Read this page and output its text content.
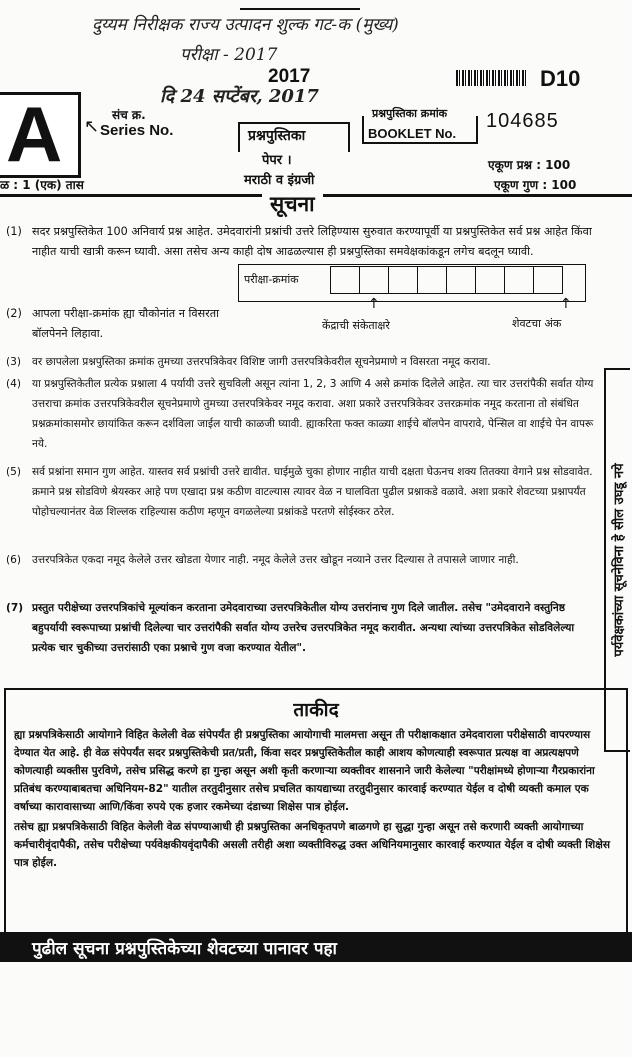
दुय्यम निरीक्षक राज्य उत्पादन शुल्क गट-क (मुख्य)
परीक्षा - 2017
2017
दि 24 सप्टेंबर, 2017
D10
A ↖
संच क्र.
Series No.	प्रश्नपुस्तिका
पेपर ।
मराठी व इंग्रजी
प्रश्नपुस्तिका क्रमांक
BOOKLET No.
104685
एकूण प्रश्न : 100
एकूण गुण : 100
ळ : 1 (एक) तास
सूचना
(1) सदर प्रश्नपुस्तिकेत 100 अनिवार्य प्रश्न आहेत. उमेदवारांनी प्रश्नांची उत्तरे लिहिण्यास सुरुवात करण्यापूर्वी या प्रश्नपुस्तिकेत सर्व प्रश्न आहेत किंवा नाहीत याची खात्री करून घ्यावी. असा तसेच अन्य काही दोष आढळल्यास ही प्रश्नपुस्तिका समवेक्षकांकडून लगेच बदलून घ्यावी.
परीक्षा-क्रमांक
केंद्राची संकेताक्षरे
↑
शेवटचा अंक
↑
(2) आपला परीक्षा-क्रमांक ह्या चौकोनांत न विसरता बॉलपेनने लिहावा.
(3)	वर छापलेला प्रश्नपुस्तिका क्रमांक तुमच्या उत्तरपत्रिकेवर विशिष्ट जागी उत्तरपत्रिकेवरील सूचनेप्रमाणे न विसरता नमूद करावा.
(4)	या प्रश्नपुस्तिकेतील प्रत्येक प्रश्नाला 4 पर्यायी उत्तरे सुचविली असून त्यांना 1, 2, 3 आणि 4 असे क्रमांक दिलेले आहेत. त्या चार उत्तरांपैकी सर्वात योग्य उत्तराचा क्रमांक उत्तरपत्रिकेवरील सूचनेप्रमाणे तुमच्या उत्तरपत्रिकेवर नमूद करावा. अशा प्रकारे उत्तरपत्रिकेवर उत्तरक्रमांक नमूद करताना तो संबंधित प्रश्नक्रमांकासमोर छायांकित करून दर्शविला जाईल याची काळजी घ्यावी. ह्याकरिता फक्त काळ्या शाईचे बॉलपेन वापरावे, पेन्सिल वा शाईचे पेन वापरू नये.
(5)	सर्व प्रश्नांना समान गुण आहेत. यास्तव सर्व प्रश्नांची उत्तरे द्यावीत. घाईमुळे चुका होणार नाहीत याची दक्षता घेऊनच शक्य तितक्या वेगाने प्रश्न सोडवावेत. क्रमाने प्रश्न सोडविणे श्रेयस्कर आहे पण एखादा प्रश्न कठीण वाटल्यास त्यावर वेळ न घालविता पुढील प्रश्नाकडे वळावे. अशा प्रकारे शेवटच्या प्रश्नापर्यंत पोहोचल्यानंतर वेळ शिल्लक राहिल्यास कठीण म्हणून वगळलेल्या प्रश्नांकडे परतणे सोईस्कर ठरेल.
(6)	उत्तरपत्रिकेत एकदा नमूद केलेले उत्तर खोडता येणार नाही. नमूद केलेले उत्तर खोडून नव्याने उत्तर दिल्यास ते तपासले जाणार नाही.
(7) प्रस्तुत परीक्षेच्या उत्तरपत्रिकांचे मूल्यांकन करताना उमेदवाराच्या उत्तरपत्रिकेतील योग्य उत्तरांनाच गुण दिले जातील. तसेच "उमेदवाराने वस्तुनिष्ठ बहुपर्यायी स्वरूपाच्या प्रश्नांची दिलेल्या चार उत्तरांपैकी सर्वात योग्य उत्तरेच उत्तरपत्रिकेत नमूद करावीत. अन्यथा त्यांच्या उत्तरपत्रिकेत सोडविलेल्या प्रत्येक चार चुकीच्या उत्तरांसाठी एका प्रश्नाचे गुण वजा करण्यात येतील".	पर्यवेक्षकांच्या सूचनेविना हे सील उघडू नये
ताकीद

ह्या प्रश्नपत्रिकेसाठी आयोगाने विहित केलेली वेळ संपेपर्यंत ही प्रश्नपुस्तिका आयोगाची मालमत्ता असून ती परीक्षाकक्षात उमेदवाराला परीक्षेसाठी वापरण्यास देण्यात येत आहे. ही वेळ संपेपर्यंत सदर प्रश्नपुस्तिकेची प्रत/प्रती, किंवा सदर प्रश्नपुस्तिकेतील काही आशय कोणत्याही स्वरूपात प्रत्यक्ष वा अप्रत्यक्षपणे कोणत्याही व्यक्तीस पुरविणे, तसेच प्रसिद्ध करणे हा गुन्हा असून अशी कृती करणाऱ्या व्यक्तीवर शासनाने जारी केलेल्या "परीक्षांमध्ये होणाऱ्या गैरप्रकारांना प्रतिबंध करण्याबाबतचा अधिनियम-82" यातील तरतुदीनुसार तसेच प्रचलित कायद्याच्या तरतुदीनुसार कारवाई करण्यात येईल व दोषी व्यक्ती कमाल एक वर्षाच्या कारावासाच्या आणि/किंवा रुपये एक हजार रकमेच्या दंडाच्या शिक्षेस पात्र होईल.

तसेच ह्या प्रश्नपत्रिकेसाठी विहित केलेली वेळ संपण्याआधी ही प्रश्नपुस्तिका अनधिकृतपणे बाळगणे हा सुद्धा गुन्हा असून तसे करणारी व्यक्ती आयोगाच्या कर्मचारीवृंदापैकी, तसेच परीक्षेच्या पर्यवेक्षकीयवृंदापैकी असली तरीही अशा व्यक्तीविरुद्ध उक्त अधिनियमानुसार कारवाई करण्यात येईल व दोषी व्यक्ती शिक्षेस पात्र होईल.

पुढील सूचना प्रश्नपुस्तिकेच्या शेवटच्या पानावर पहा
